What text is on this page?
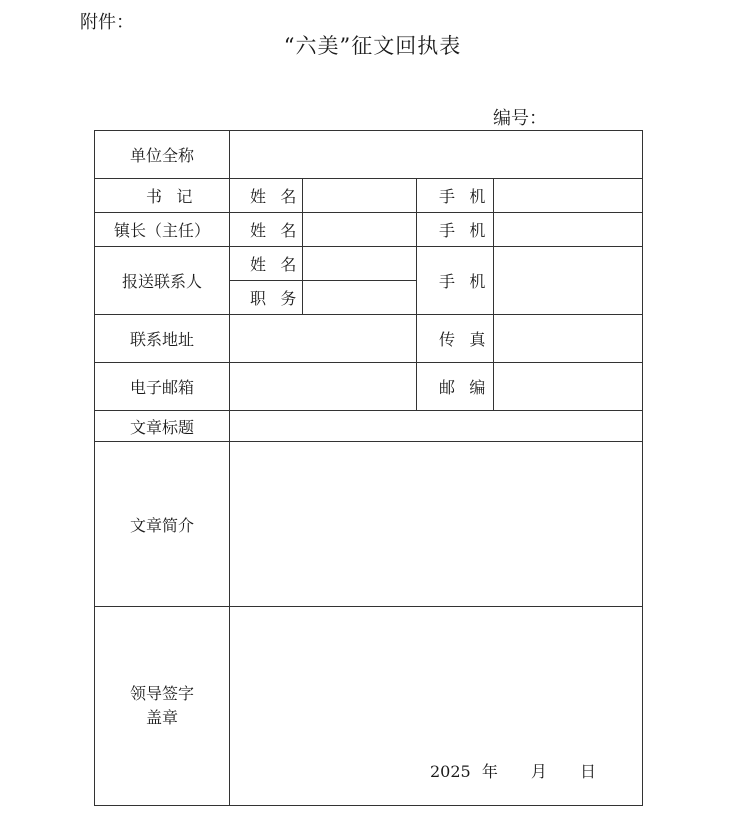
附件：
“六美”征文回执表
编号：
单位全称
书记
镇长（主任）
报送联系人
联系地址
电子邮箱
文章标题
文章简介
领导签字
盖章
姓名
姓名
姓名
职务
手机
手机
手机
传真
邮编
2025 年 月 日
